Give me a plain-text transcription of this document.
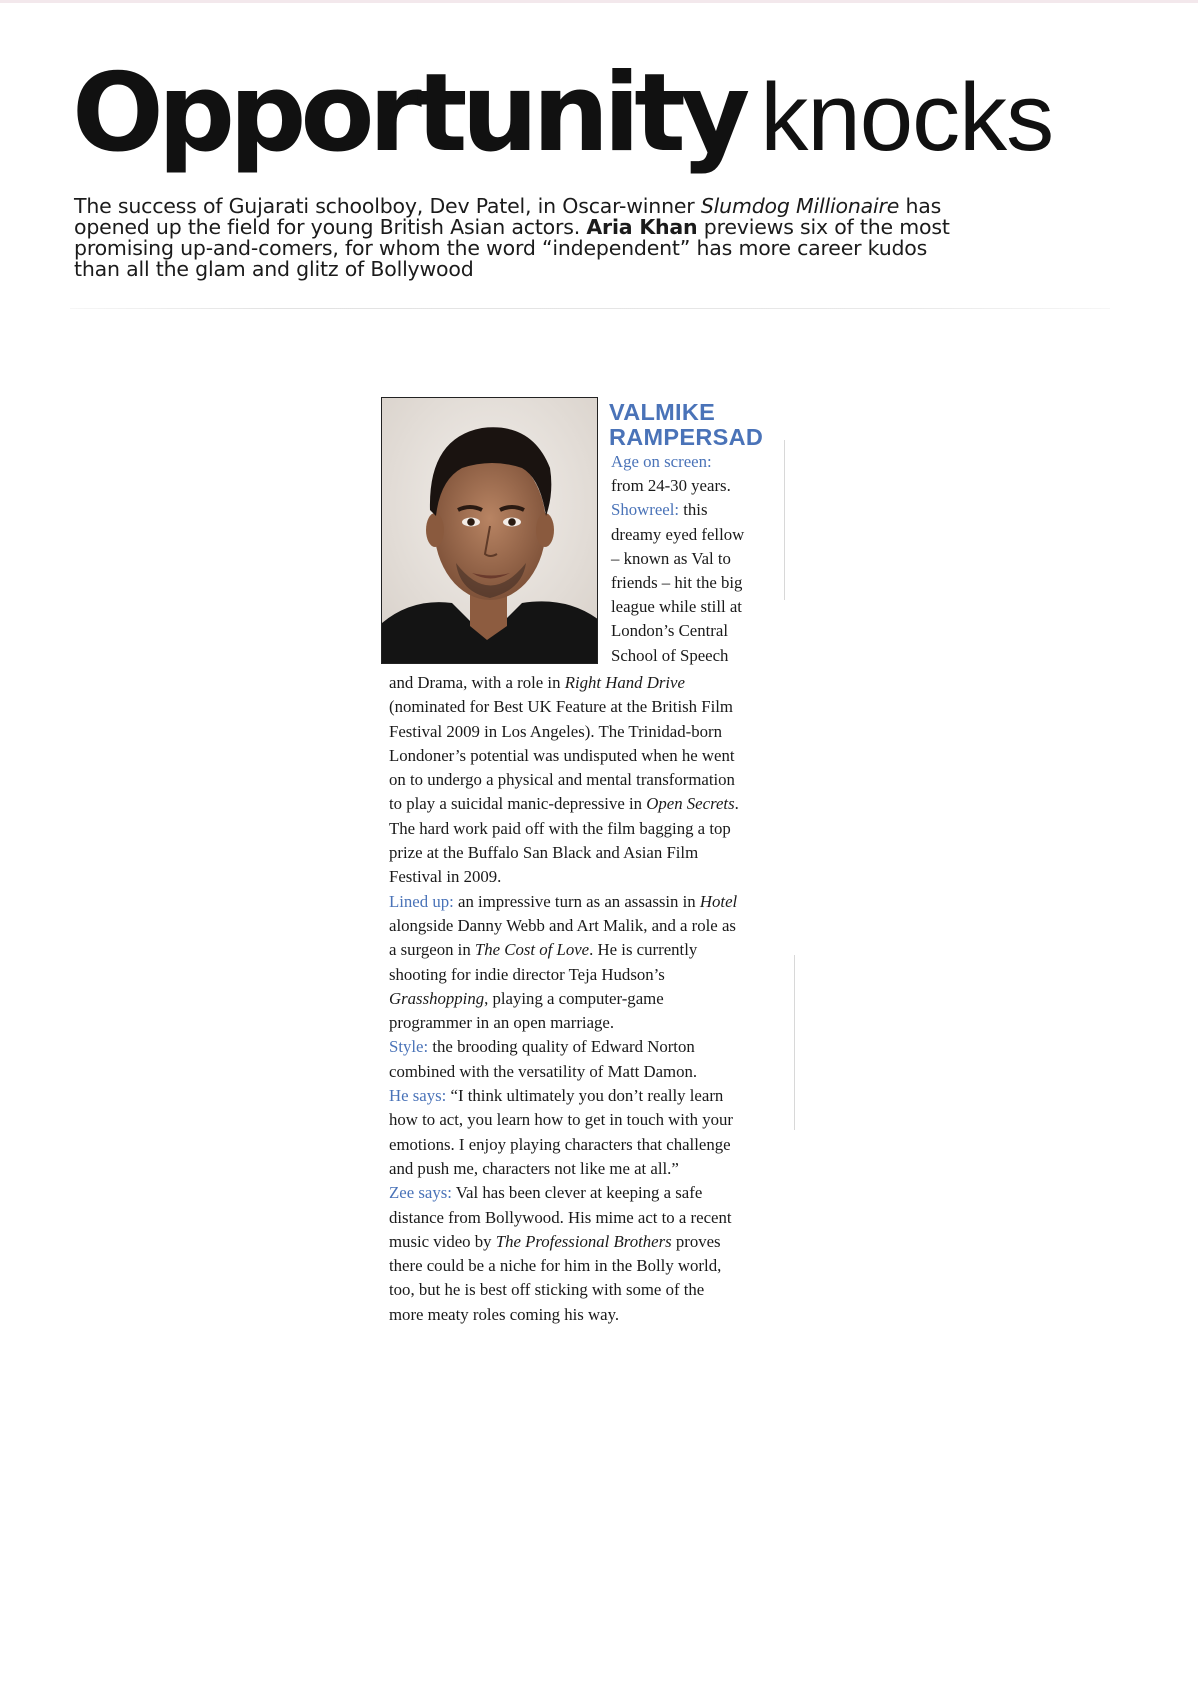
Opportunity knocks
The success of Gujarati schoolboy, Dev Patel, in Oscar-winner Slumdog Millionaire has
opened up the field for young British Asian actors. Aria Khan previews six of the most
promising up-and-comers, for whom the word “independent” has more career kudos
than all the glam and glitz of Bollywood
VALMIKE
RAMPERSAD
Age on screen:
from 24-30 years.
Showreel: this
dreamy eyed fellow
– known as Val to
friends – hit the big
league while still at
London’s Central
School of Speech
and Drama, with a role in Right Hand Drive
(nominated for Best UK Feature at the British Film
Festival 2009 in Los Angeles). The Trinidad-born
Londoner’s potential was undisputed when he went
on to undergo a physical and mental transformation
to play a suicidal manic-depressive in Open Secrets.
The hard work paid off with the film bagging a top
prize at the Buffalo San Black and Asian Film
Festival in 2009.
Lined up: an impressive turn as an assassin in Hotel
alongside Danny Webb and Art Malik, and a role as
a surgeon in The Cost of Love. He is currently
shooting for indie director Teja Hudson’s
Grasshopping, playing a computer-game
programmer in an open marriage.
Style: the brooding quality of Edward Norton
combined with the versatility of Matt Damon.
He says: “I think ultimately you don’t really learn
how to act, you learn how to get in touch with your
emotions. I enjoy playing characters that challenge
and push me, characters not like me at all.”
Zee says: Val has been clever at keeping a safe
distance from Bollywood. His mime act to a recent
music video by The Professional Brothers proves
there could be a niche for him in the Bolly world,
too, but he is best off sticking with some of the
more meaty roles coming his way.
